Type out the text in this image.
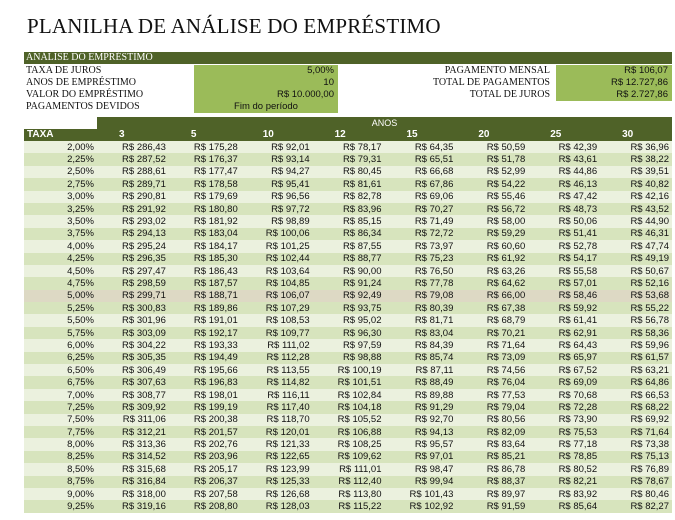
PLANILHA DE ANÁLISE DO EMPRÉSTIMO
ANÁLISE DO EMPRÉSTIMO
TAXA DE JUROS	5,00%	PAGAMENTO MENSAL	R$ 106,07
ANOS DE EMPRÉSTIMO	10	TOTAL DE PAGAMENTOS	R$ 12.727,86
VALOR DO EMPRÉSTIMO	R$ 10.000,00	TOTAL DE JUROS	R$ 2.727,86
PAGAMENTOS DEVIDOS	Fim do período
ANOS
TAXA	3	5	10	12	15	20	25	30
2,00%	R$ 286,43	R$ 175,28	R$ 92,01	R$ 78,17	R$ 64,35	R$ 50,59	R$ 42,39	R$ 36,96
2,25%	R$ 287,52	R$ 176,37	R$ 93,14	R$ 79,31	R$ 65,51	R$ 51,78	R$ 43,61	R$ 38,22
2,50%	R$ 288,61	R$ 177,47	R$ 94,27	R$ 80,45	R$ 66,68	R$ 52,99	R$ 44,86	R$ 39,51
2,75%	R$ 289,71	R$ 178,58	R$ 95,41	R$ 81,61	R$ 67,86	R$ 54,22	R$ 46,13	R$ 40,82
3,00%	R$ 290,81	R$ 179,69	R$ 96,56	R$ 82,78	R$ 69,06	R$ 55,46	R$ 47,42	R$ 42,16
3,25%	R$ 291,92	R$ 180,80	R$ 97,72	R$ 83,96	R$ 70,27	R$ 56,72	R$ 48,73	R$ 43,52
3,50%	R$ 293,02	R$ 181,92	R$ 98,89	R$ 85,15	R$ 71,49	R$ 58,00	R$ 50,06	R$ 44,90
3,75%	R$ 294,13	R$ 183,04	R$ 100,06	R$ 86,34	R$ 72,72	R$ 59,29	R$ 51,41	R$ 46,31
4,00%	R$ 295,24	R$ 184,17	R$ 101,25	R$ 87,55	R$ 73,97	R$ 60,60	R$ 52,78	R$ 47,74
4,25%	R$ 296,35	R$ 185,30	R$ 102,44	R$ 88,77	R$ 75,23	R$ 61,92	R$ 54,17	R$ 49,19
4,50%	R$ 297,47	R$ 186,43	R$ 103,64	R$ 90,00	R$ 76,50	R$ 63,26	R$ 55,58	R$ 50,67
4,75%	R$ 298,59	R$ 187,57	R$ 104,85	R$ 91,24	R$ 77,78	R$ 64,62	R$ 57,01	R$ 52,16
5,00%	R$ 299,71	R$ 188,71	R$ 106,07	R$ 92,49	R$ 79,08	R$ 66,00	R$ 58,46	R$ 53,68
5,25%	R$ 300,83	R$ 189,86	R$ 107,29	R$ 93,75	R$ 80,39	R$ 67,38	R$ 59,92	R$ 55,22
5,50%	R$ 301,96	R$ 191,01	R$ 108,53	R$ 95,02	R$ 81,71	R$ 68,79	R$ 61,41	R$ 56,78
5,75%	R$ 303,09	R$ 192,17	R$ 109,77	R$ 96,30	R$ 83,04	R$ 70,21	R$ 62,91	R$ 58,36
6,00%	R$ 304,22	R$ 193,33	R$ 111,02	R$ 97,59	R$ 84,39	R$ 71,64	R$ 64,43	R$ 59,96
6,25%	R$ 305,35	R$ 194,49	R$ 112,28	R$ 98,88	R$ 85,74	R$ 73,09	R$ 65,97	R$ 61,57
6,50%	R$ 306,49	R$ 195,66	R$ 113,55	R$ 100,19	R$ 87,11	R$ 74,56	R$ 67,52	R$ 63,21
6,75%	R$ 307,63	R$ 196,83	R$ 114,82	R$ 101,51	R$ 88,49	R$ 76,04	R$ 69,09	R$ 64,86
7,00%	R$ 308,77	R$ 198,01	R$ 116,11	R$ 102,84	R$ 89,88	R$ 77,53	R$ 70,68	R$ 66,53
7,25%	R$ 309,92	R$ 199,19	R$ 117,40	R$ 104,18	R$ 91,29	R$ 79,04	R$ 72,28	R$ 68,22
7,50%	R$ 311,06	R$ 200,38	R$ 118,70	R$ 105,52	R$ 92,70	R$ 80,56	R$ 73,90	R$ 69,92
7,75%	R$ 312,21	R$ 201,57	R$ 120,01	R$ 106,88	R$ 94,13	R$ 82,09	R$ 75,53	R$ 71,64
8,00%	R$ 313,36	R$ 202,76	R$ 121,33	R$ 108,25	R$ 95,57	R$ 83,64	R$ 77,18	R$ 73,38
8,25%	R$ 314,52	R$ 203,96	R$ 122,65	R$ 109,62	R$ 97,01	R$ 85,21	R$ 78,85	R$ 75,13
8,50%	R$ 315,68	R$ 205,17	R$ 123,99	R$ 111,01	R$ 98,47	R$ 86,78	R$ 80,52	R$ 76,89
8,75%	R$ 316,84	R$ 206,37	R$ 125,33	R$ 112,40	R$ 99,94	R$ 88,37	R$ 82,21	R$ 78,67
9,00%	R$ 318,00	R$ 207,58	R$ 126,68	R$ 113,80	R$ 101,43	R$ 89,97	R$ 83,92	R$ 80,46
9,25%	R$ 319,16	R$ 208,80	R$ 128,03	R$ 115,22	R$ 102,92	R$ 91,59	R$ 85,64	R$ 82,27
